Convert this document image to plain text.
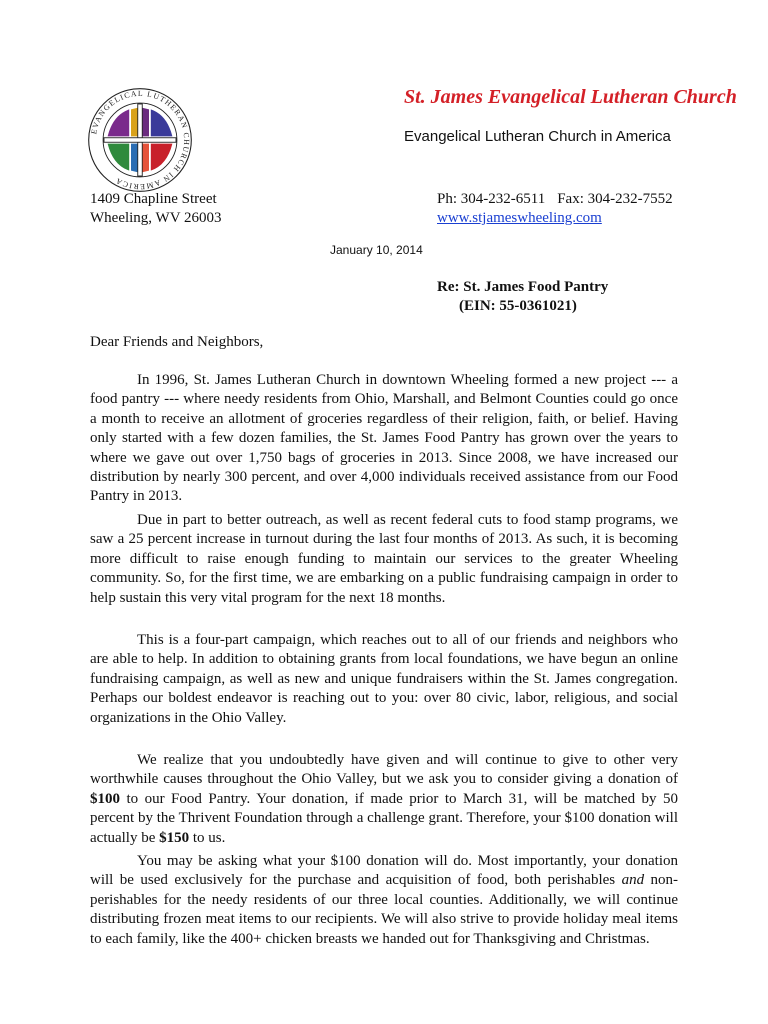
EVANGELICAL LUTHERAN CHURCH IN AMERICA
St. James Evangelical Lutheran Church
Evangelical Lutheran Church in America
1409 Chapline Street
Wheeling, WV 26003
Ph: 304-232-6511 Fax: 304-232-7552
www.stjameswheeling.com
January 10, 2014
Re: St. James Food Pantry
(EIN: 55-0361021)
Dear Friends and Neighbors,

In 1996, St. James Lutheran Church in downtown Wheeling formed a new project --- a food pantry --- where needy residents from Ohio, Marshall, and Belmont Counties could go once a month to receive an allotment of groceries regardless of their religion, faith, or belief. Having only started with a few dozen families, the St. James Food Pantry has grown over the years to where we gave out over 1,750 bags of groceries in 2013. Since 2008, we have increased our distribution by nearly 300 percent, and over 4,000 individuals received assistance from our Food Pantry in 2013.

Due in part to better outreach, as well as recent federal cuts to food stamp programs, we saw a 25 percent increase in turnout during the last four months of 2013. As such, it is becoming more difficult to raise enough funding to maintain our services to the greater Wheeling community. So, for the first time, we are embarking on a public fundraising campaign in order to help sustain this very vital program for the next 18 months.

This is a four-part campaign, which reaches out to all of our friends and neighbors who are able to help. In addition to obtaining grants from local foundations, we have begun an online fundraising campaign, as well as new and unique fundraisers within the St. James congregation. Perhaps our boldest endeavor is reaching out to you: over 80 civic, labor, religious, and social organizations in the Ohio Valley.

We realize that you undoubtedly have given and will continue to give to other very worthwhile causes throughout the Ohio Valley, but we ask you to consider giving a donation of $100 to our Food Pantry. Your donation, if made prior to March 31, will be matched by 50 percent by the Thrivent Foundation through a challenge grant. Therefore, your $100 donation will actually be $150 to us.

You may be asking what your $100 donation will do. Most importantly, your donation will be used exclusively for the purchase and acquisition of food, both perishables and non-perishables for the needy residents of our three local counties. Additionally, we will continue distributing frozen meat items to our recipients. We will also strive to provide holiday meal items to each family, like the 400+ chicken breasts we handed out for Thanksgiving and Christmas.
